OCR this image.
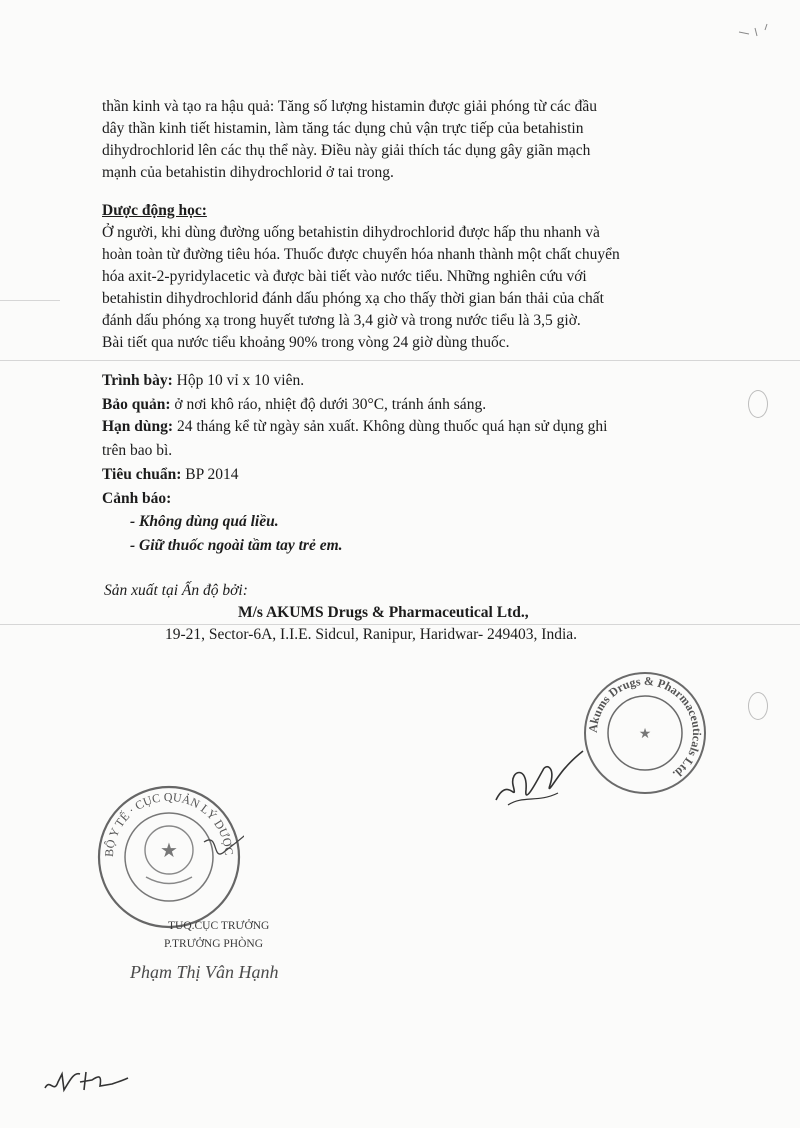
thần kinh và tạo ra hậu quả: Tăng số lượng histamin được giải phóng từ các đầu

dây thần kinh tiết histamin, làm tăng tác dụng chủ vận trực tiếp của betahistin

dihydrochlorid lên các thụ thể này. Điều này giải thích tác dụng gây giãn mạch

mạnh của betahistin dihydrochlorid ở tai trong.

Dược động học:

Ở người, khi dùng đường uống betahistin dihydrochlorid được hấp thu nhanh và

hoàn toàn từ đường tiêu hóa. Thuốc được chuyển hóa nhanh thành một chất chuyển

hóa axit-2-pyridylacetic và được bài tiết vào nước tiểu. Những nghiên cứu với

betahistin dihydrochlorid đánh dấu phóng xạ cho thấy thời gian bán thải của chất

đánh dấu phóng xạ trong huyết tương là 3,4 giờ và trong nước tiểu là 3,5 giờ.

Bài tiết qua nước tiểu khoảng 90% trong vòng 24 giờ dùng thuốc.

Trình bày: Hộp 10 vỉ x 10 viên.
Bảo quản: ở nơi khô ráo, nhiệt độ dưới 30°C, tránh ánh sáng.
Hạn dùng: 24 tháng kể từ ngày sản xuất. Không dùng thuốc quá hạn sử dụng ghi
trên bao bì.
Tiêu chuẩn: BP 2014
Cảnh báo:
- Không dùng quá liều.
- Giữ thuốc ngoài tầm tay trẻ em.
Sản xuất tại Ấn độ bởi:
M/s AKUMS Drugs & Pharmaceutical Ltd.,
19-21, Sector-6A, I.I.E. Sidcul, Ranipur, Haridwar- 249403, India.
Akums Drugs & Pharmaceuticals Ltd.
★
BỘ Y TẾ · CỤC QUẢN LÝ DƯỢC
★
TUQ.CỤC TRƯỞNG
P.TRƯỞNG PHÒNG
Phạm Thị Vân Hạnh
